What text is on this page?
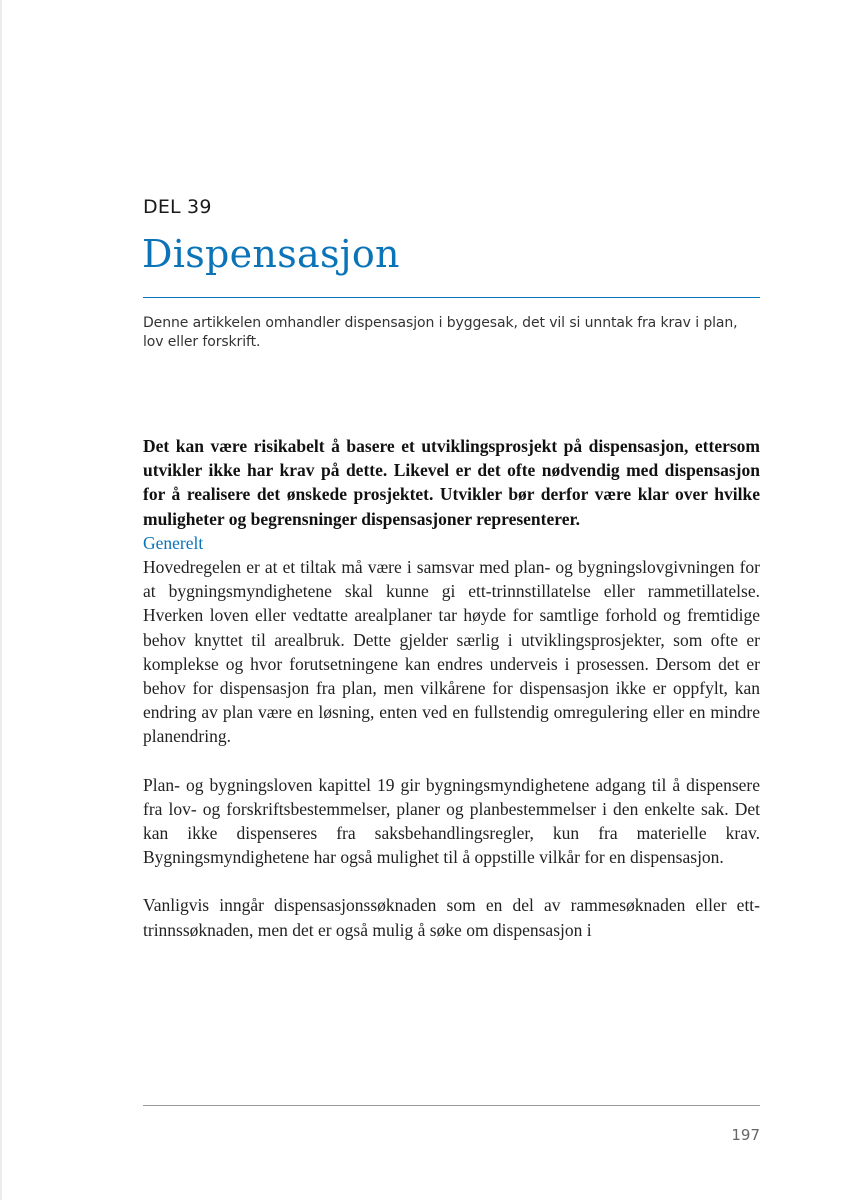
DEL 39
Dispensasjon
Denne artikkelen omhandler dispensasjon i byggesak, det vil si unntak fra krav i plan, lov eller forskrift.

Det kan være risikabelt å basere et utviklingsprosjekt på dispensasjon, ettersom utvikler ikke har krav på dette. Likevel er det ofte nødvendig med dispensasjon for å realisere det ønskede prosjektet. Utvikler bør derfor være klar over hvilke muligheter og begrensninger dispensasjoner representerer.

Generelt

Hovedregelen er at et tiltak må være i samsvar med plan- og bygningslovgivningen for at bygningsmyndighetene skal kunne gi ett-trinnstillatelse eller rammetillatelse. Hverken loven eller vedtatte arealplaner tar høyde for samtlige forhold og fremtidige behov knyttet til arealbruk. Dette gjelder særlig i utviklingsprosjekter, som ofte er komplekse og hvor forutsetningene kan endres underveis i prosessen. Dersom det er behov for dispensasjon fra plan, men vilkårene for dispensasjon ikke er oppfylt, kan endring av plan være en løsning, enten ved en fullstendig omregulering eller en mindre planendring.

Plan- og bygningsloven kapittel 19 gir bygningsmyndighetene adgang til å dispensere fra lov- og forskriftsbestemmelser, planer og planbestemmelser i den enkelte sak. Det kan ikke dispenseres fra saksbehandlingsregler, kun fra materielle krav. Bygningsmyndighetene har også mulighet til å oppstille vilkår for en dispensasjon.

Vanligvis inngår dispensasjonssøknaden som en del av rammesøknaden eller ett-trinnssøknaden, men det er også mulig å søke om dispensasjon i

197
